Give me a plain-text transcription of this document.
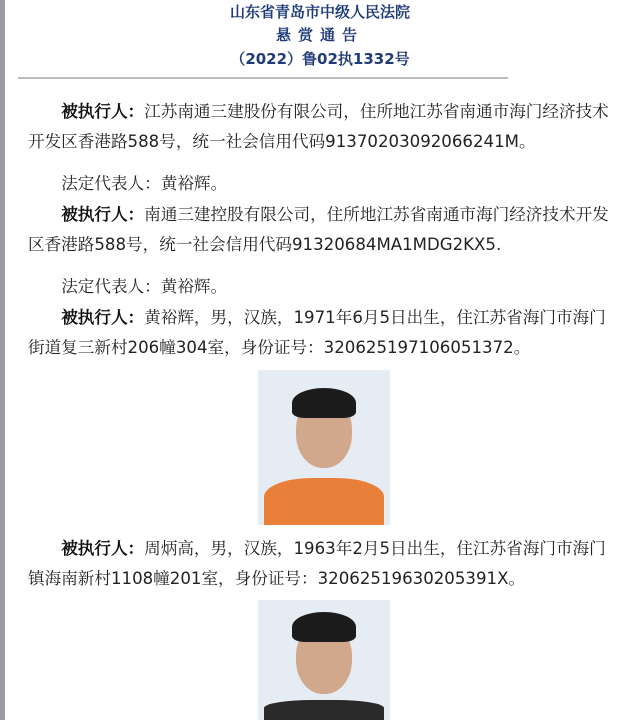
山东省青岛市中级人民法院
悬赏通告
（2022）鲁02执1332号
被执行人：江苏南通三建股份有限公司，住所地江苏省南通市海门经济技术开发区香港路588号，统一社会信用代码91370203092066241M。
法定代表人：黄裕辉。
被执行人：南通三建控股有限公司，住所地江苏省南通市海门经济技术开发区香港路588号，统一社会信用代码91320684MA1MDG2KX5.
法定代表人：黄裕辉。
被执行人：黄裕辉，男，汉族，1971年6月5日出生，住江苏省海门市海门街道复三新村206幢304室，身份证号：320625197106051372。
被执行人：周炳高，男，汉族，1963年2月5日出生，住江苏省海门市海门镇海南新村1108幢201室，身份证号：32062519630205391X。
